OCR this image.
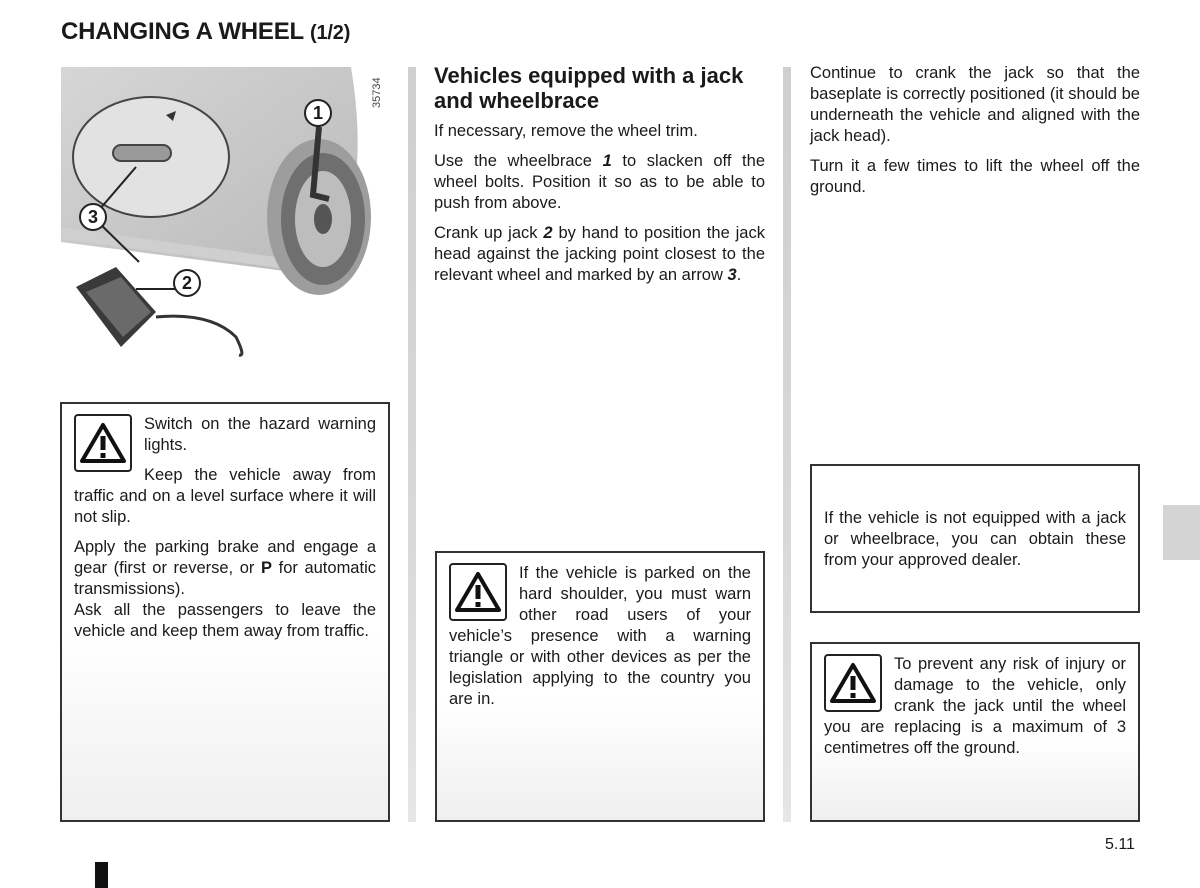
CHANGING A WHEEL (1/2)
1
2
3
35734
Vehicles equipped with a jack and wheelbrace
If necessary, remove the wheel trim.
Use the wheelbrace 1 to slacken off the wheel bolts. Position it so as to be able to push from above.
Crank up jack 2 by hand to position the jack head against the jacking point closest to the relevant wheel and marked by an arrow 3.
Continue to crank the jack so that the baseplate is correctly positioned (it should be underneath the vehicle and aligned with the jack head).
Turn it a few times to lift the wheel off the ground.

Switch on the hazard warning lights.

Keep the vehicle away from traffic and on a level surface where it will not slip.

Apply the parking brake and engage a gear (first or reverse, or P for automatic transmissions).

Ask all the passengers to leave the vehicle and keep them away from traffic.

If the vehicle is parked on the hard shoulder, you must warn other road users of your vehicle’s presence with a warning triangle or with other devices as per the legislation applying to the country you are in.
If the vehicle is not equipped with a jack or wheelbrace, you can obtain these from your approved dealer.
To prevent any risk of injury or damage to the vehicle, only crank the jack until the wheel you are replacing is a maximum of 3 centimetres off the ground.
5.11
